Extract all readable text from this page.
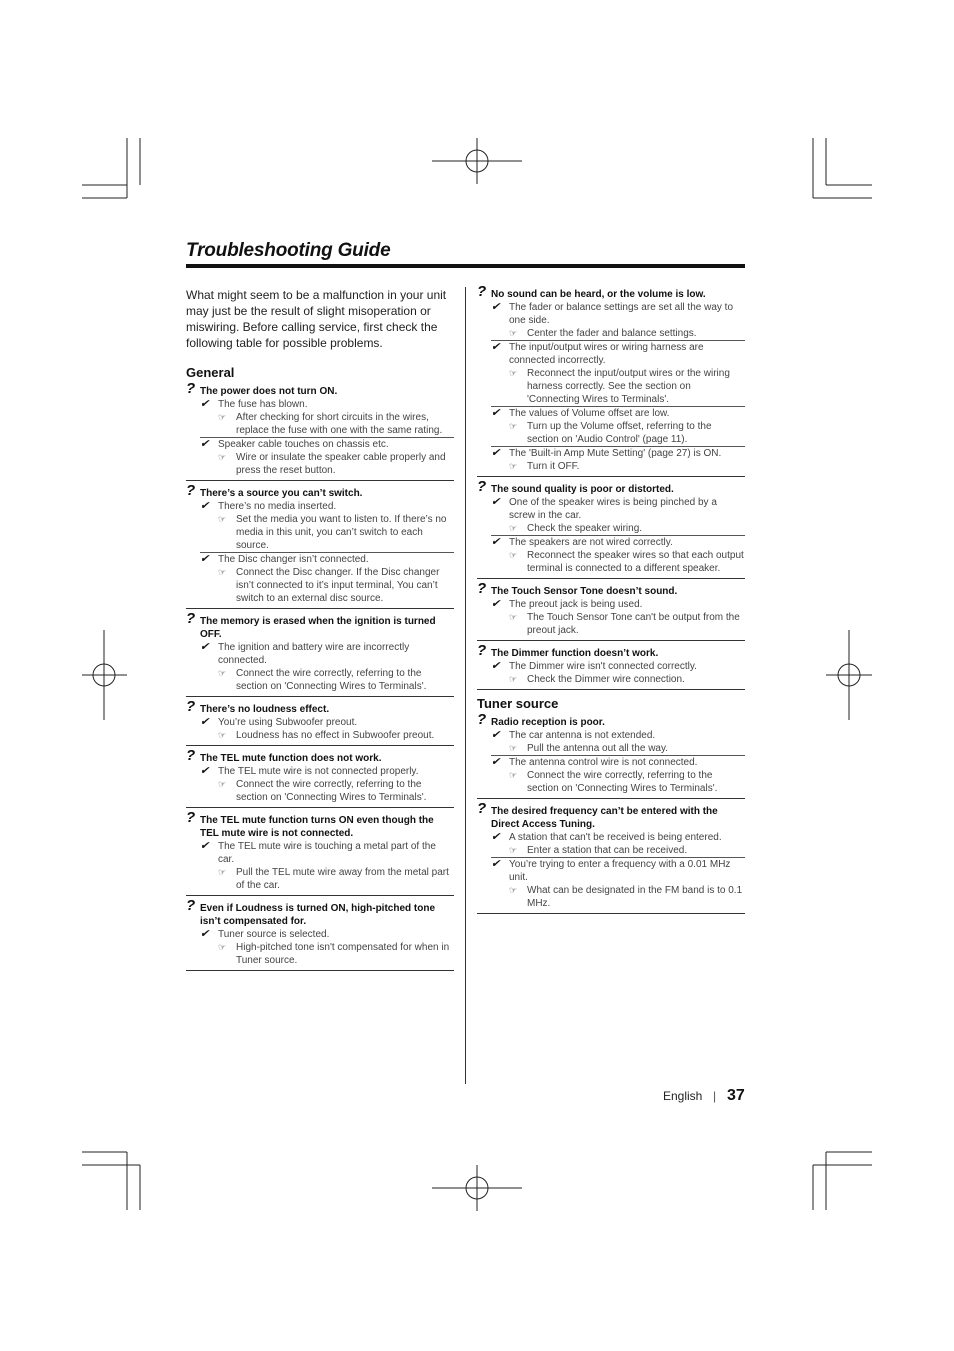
Troubleshooting Guide

What might seem to be a malfunction in your unit may just be the result of slight misoperation or miswiring. Before calling service, first check the following table for possible problems.

General
? The power does not turn ON.
✔ The fuse has blown.
☞ After checking for short circuits in the wires, replace the fuse with one with the same rating.
✔ Speaker cable touches on chassis etc.
☞ Wire or insulate the speaker cable properly and press the reset button.
? There’s a source you can’t switch.
✔ There’s no media inserted.
☞ Set the media you want to listen to. If there’s no media in this unit, you can’t switch to each source.
✔ The Disc changer isn’t connected.
☞ Connect the Disc changer. If the Disc changer isn’t connected to it’s input terminal, You can’t switch to an external disc source.
? The memory is erased when the ignition is turned OFF.
✔ The ignition and battery wire are incorrectly connected.
☞ Connect the wire correctly, referring to the section on 'Connecting Wires to Terminals'.
? There’s no loudness effect.
✔ You’re using Subwoofer preout.
☞ Loudness has no effect in Subwoofer preout.
? The TEL mute function does not work.
✔ The TEL mute wire is not connected properly.
☞ Connect the wire correctly, referring to the section on 'Connecting Wires to Terminals'.
? The TEL mute function turns ON even though the TEL mute wire is not connected.
✔ The TEL mute wire is touching a metal part of the car.
☞ Pull the TEL mute wire away from the metal part of the car.
? Even if Loudness is turned ON, high-pitched tone isn’t compensated for.
✔ Tuner source is selected.
☞ High-pitched tone isn't compensated for when in Tuner source.
? No sound can be heard, or the volume is low.
✔ The fader or balance settings are set all the way to one side.
☞ Center the fader and balance settings.
✔ The input/output wires or wiring harness are connected incorrectly.
☞ Reconnect the input/output wires or the wiring harness correctly. See the section on 'Connecting Wires to Terminals'.
✔ The values of Volume offset are low.
☞ Turn up the Volume offset, referring to the section on 'Audio Control' (page 11).
✔ The 'Built-in Amp Mute Setting' (page 27) is ON.
☞ Turn it OFF.
? The sound quality is poor or distorted.
✔ One of the speaker wires is being pinched by a screw in the car.
☞ Check the speaker wiring.
✔ The speakers are not wired correctly.
☞ Reconnect the speaker wires so that each output terminal is connected to a different speaker.
? The Touch Sensor Tone doesn’t sound.
✔ The preout jack is being used.
☞ The Touch Sensor Tone can't be output from the preout jack.
? The Dimmer function doesn’t work.
✔ The Dimmer wire isn't connected correctly.
☞ Check the Dimmer wire connection.
Tuner source
? Radio reception is poor.
✔ The car antenna is not extended.
☞ Pull the antenna out all the way.
✔ The antenna control wire is not connected.
☞ Connect the wire correctly, referring to the section on 'Connecting Wires to Terminals'.
? The desired frequency can’t be entered with the Direct Access Tuning.
✔ A station that can't be received is being entered.
☞ Enter a station that can be received.
✔ You’re trying to enter a frequency with a 0.01 MHz unit.
☞ What can be designated in the FM band is to 0.1 MHz.
English | 37
